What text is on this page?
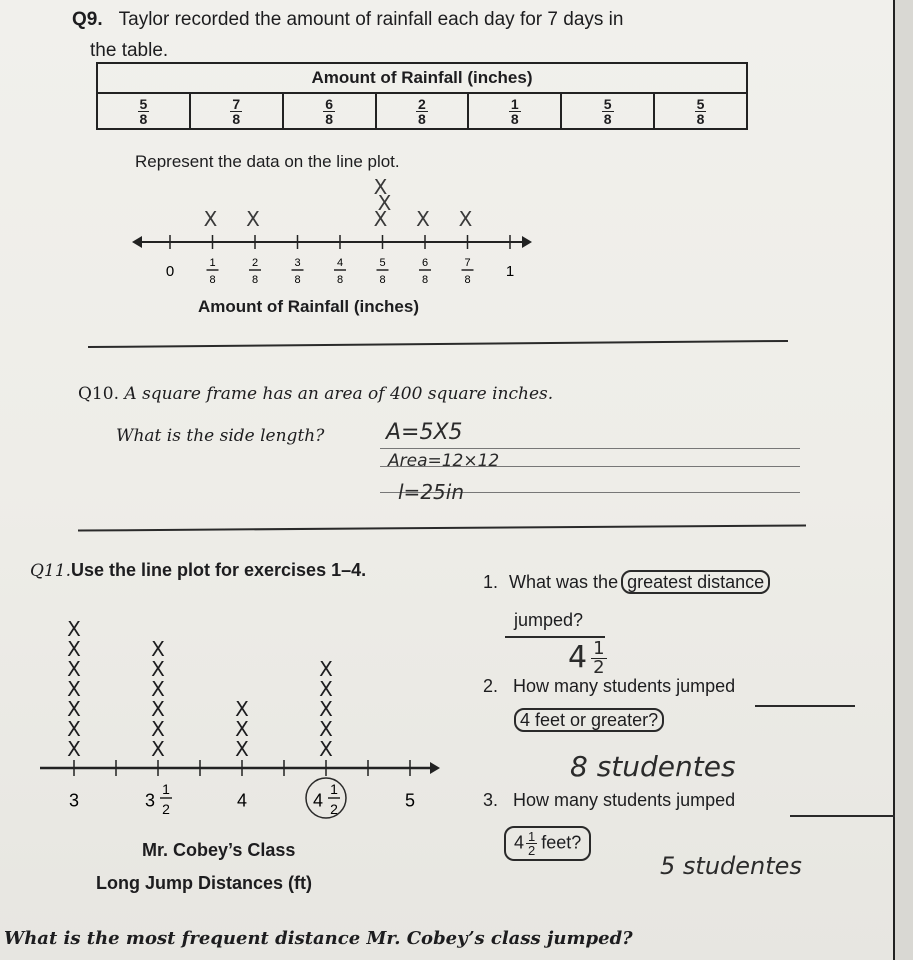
Q9. Taylor recorded the amount of rainfall each day for 7 days in
the table.
Amount of Rainfall (inches)

$\frac{5}{8}$	$\frac{7}{8}$	$\frac{6}{8}$	$\frac{2}{8}$	$\frac{1}{8}$	$\frac{5}{8}$	$\frac{5}{8}$
Represent the data on the line plot.
0	1
8
2
8
3
8
4
8
5
8
6
8
7
8
1
X X	X
X
X
X X
Amount of Rainfall (inches)
Q10. A square frame has an area of 400 square inches.
What is the side length?	A=5X5
Area=12×12
l=25in
Q11.Use the line plot for exercises 1–4.
3	3
1
2	4	4
1
2	5
X
X
X
X
X
X
X
X
X
X
X
X
X
X
X
X
X
X
X
X
X
Mr. Cobey’s Class
Long Jump Distances (ft)
1. What was the greatest distance
jumped?
$4 \frac{1}{2}$
2. How many students jumped
4 feet or greater?
8 studentes
3. How many students jumped
$4 \frac{1}{2}$ feet?
5 studentes
What is the most frequent distance Mr. Cobey’s class jumped?
